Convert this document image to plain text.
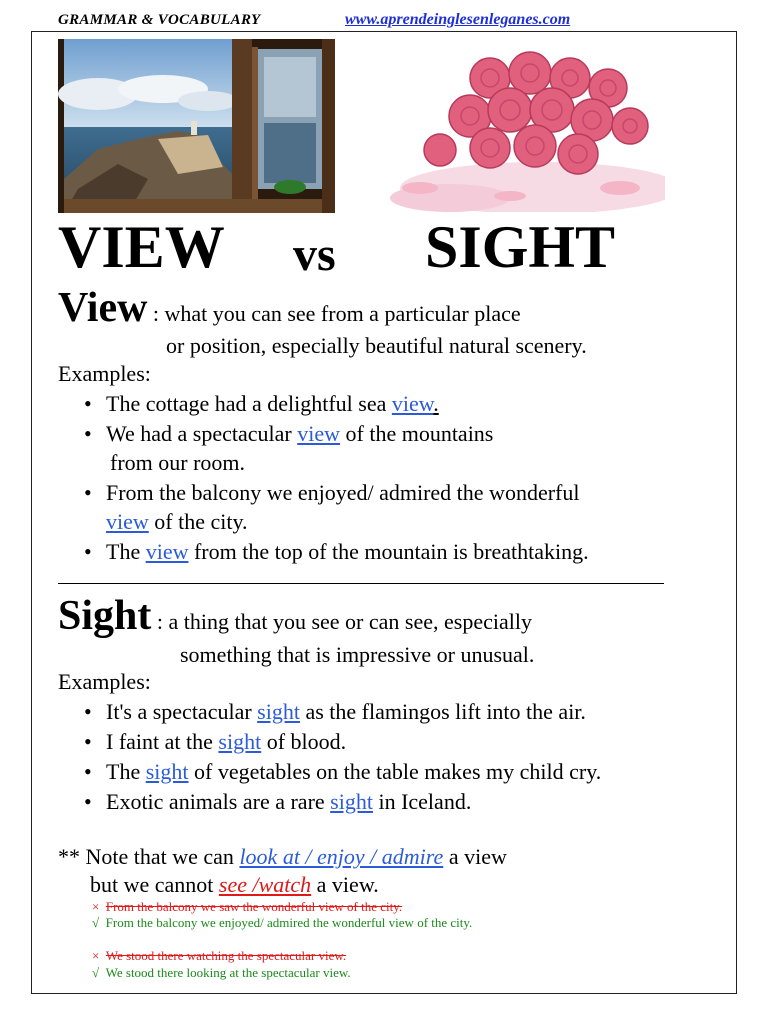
GRAMMAR & VOCABULARY	www.aprendeinglesenleganes.com
VIEW vs SIGHT
View : what you can see from a particular place
or position, especially beautiful natural scenery.
Examples:
• The cottage had a delightful sea view.
• We had a spectacular view of the mountains
from our room.
• From the balcony we enjoyed/ admired the wonderful
view of the city.
• The view from the top of the mountain is breathtaking.
Sight : a thing that you see or can see, especially
something that is impressive or unusual.
Examples:
• It's a spectacular sight as the flamingos lift into the air.
• I faint at the sight of blood.
• The sight of vegetables on the table makes my child cry.
• Exotic animals are a rare sight in Iceland.
** Note that we can look at / enjoy / admire a view
but we cannot see /watch a view.
× From the balcony we saw the wonderful view of the city.
√ From the balcony we enjoyed/ admired the wonderful view of the city.
× We stood there watching the spectacular view.
√ We stood there looking at the spectacular view.
